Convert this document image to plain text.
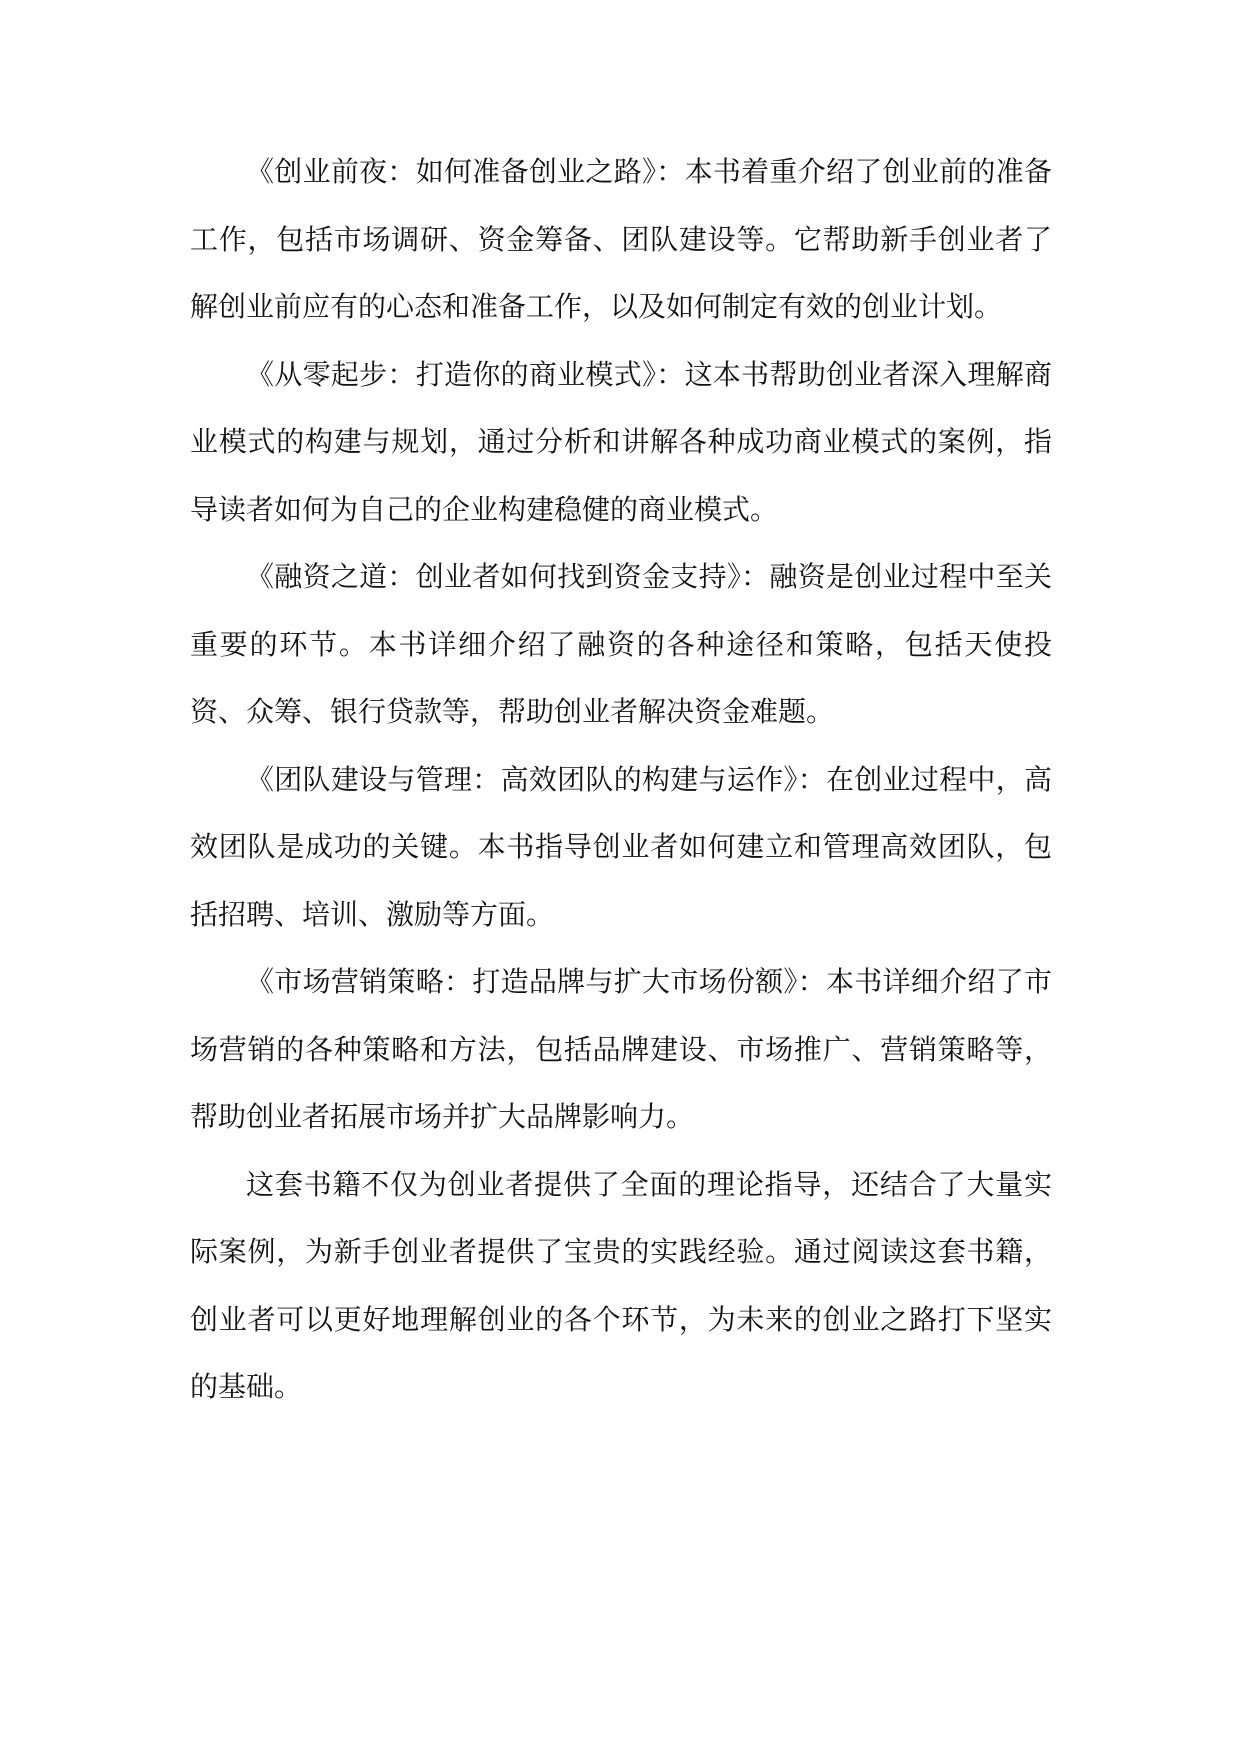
《创业前夜：如何准备创业之路》：本书着重介绍了创业前的准备工作，包括市场调研、资金筹备、团队建设等。它帮助新手创业者了解创业前应有的心态和准备工作，以及如何制定有效的创业计划。

《从零起步：打造你的商业模式》：这本书帮助创业者深入理解商业模式的构建与规划，通过分析和讲解各种成功商业模式的案例，指导读者如何为自己的企业构建稳健的商业模式。

《融资之道：创业者如何找到资金支持》：融资是创业过程中至关重要的环节。本书详细介绍了融资的各种途径和策略，包括天使投资、众筹、银行贷款等，帮助创业者解决资金难题。

《团队建设与管理：高效团队的构建与运作》：在创业过程中，高效团队是成功的关键。本书指导创业者如何建立和管理高效团队，包括招聘、培训、激励等方面。

《市场营销策略：打造品牌与扩大市场份额》：本书详细介绍了市场营销的各种策略和方法，包括品牌建设、市场推广、营销策略等，帮助创业者拓展市场并扩大品牌影响力。

这套书籍不仅为创业者提供了全面的理论指导，还结合了大量实际案例，为新手创业者提供了宝贵的实践经验。通过阅读这套书籍，创业者可以更好地理解创业的各个环节，为未来的创业之路打下坚实的基础。
